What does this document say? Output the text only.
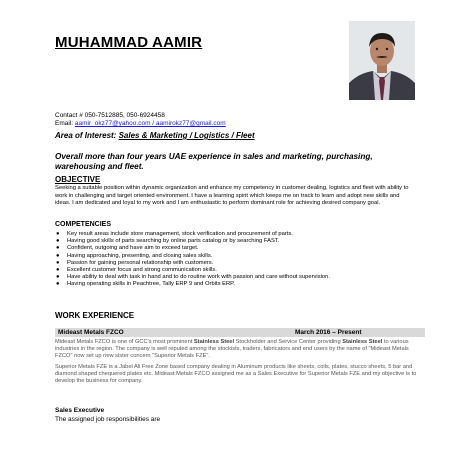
MUHAMMAD AAMIR
Contact # 050-7512885, 050-6924458
Email: aamir_okz77@yahoo.com / aamirokz77@gmail.com
Area of Interest: Sales & Marketing / Logistics / Fleet
Overall more than four years UAE experience in sales and marketing, purchasing, warehousing and fleet.
OBJECTIVE
Seeking a suitable position within dynamic organization and enhance my competency in customer dealing, logistics and fleet with ability to work in challenging and target oriented environment. I have a learning spirit which keeps me on track to learn and adopt new skills and ideas. I am dedicated and loyal to my work and I am enthusiastic to perform dominant role for achieving desired company goal.
COMPETENCIES
● Key result areas include store management, stock verification and procurement of parts.
● Having good skills of parts searching by online parts catalog or by searching FAST.
● Confident, outgoing and have aim to exceed target.
● Having approaching, presenting, and closing sales skills.
● Passion for gaining personal relationship with customers.
● Excellent customer focus and strong communication skills.
● Have ability to deal with task in hand and to do routine work with passion and care without supervision.
● Having operating skills in Peachtree, Tally ERP 9 and Orbits ERP.
WORK EXPERIENCE
Mideast Metals FZCO	March 2016 – Present
Mideast Metals FZCO is one of GCC's most prominent Stainless Steel Stockholder and Service Center providing Stainless Steel to various industries in the region. The company is well reputed among the stockists, traders, fabricators and end users by the name of "Mideast Metals FZCO" now set up new sister concern "Superior Metals FZE".
Superior Metals FZE is a Jabel Ali Free Zone based company dealing in Aluminum products like sheets, coils, plates, stucco sheets, 5 bar and diamond shaped chequered plates etc. Mideast Metals FZCO assigned me as a Sales Executive for Superior Metals FZE and my objective is to develop the business for company.
Sales Executive
The assigned job responsibilities are
